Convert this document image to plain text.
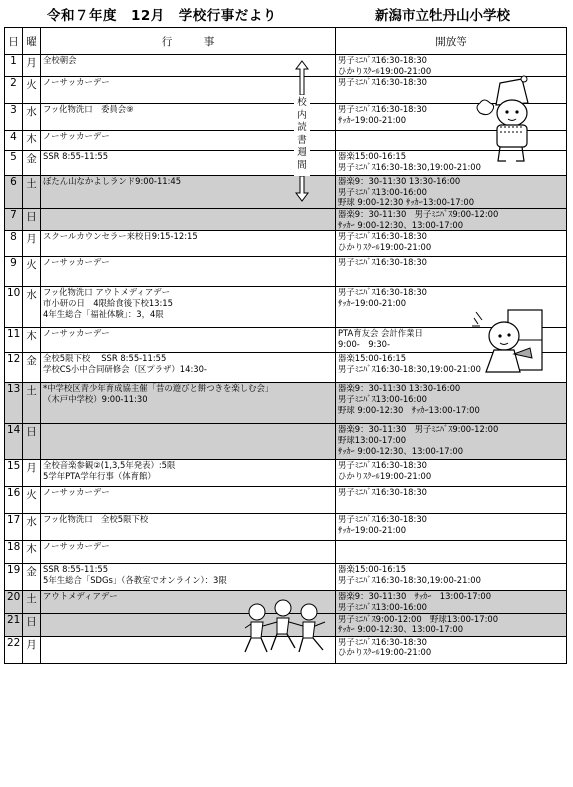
令和７年度　12月　学校行事だより	新潟市立牡丹山小学校
日	曜	行　　　事	開放等
1	月	全校朝会	男子ﾐﾆﾊﾞｽ16:30-18:30
ひかりｽｸｰﾙ19:00-21:00

2	火	ノーサッカーデー	男子ﾐﾆﾊﾞｽ16:30-18:30

3	水	フッ化物洗口　委員会⑨	男子ﾐﾆﾊﾞｽ16:30-18:30
ｻｯｶｰ19:00-21:00

4	木	ノーサッカーデー	

5	金	SSR 8:55-11:55	器楽15:00-16:15
男子ﾐﾆﾊﾞｽ16:30-18:30,19:00-21:00

6	土	ぼたん山なかよしランド9:00-11:45	器楽9：30-11:30 13:30-16:00
男子ﾐﾆﾊﾞｽ13:00-16:00
野球 9:00-12:30 ｻｯｶｰ13:00-17:00

7	日		器楽9：30-11:30　男子ﾐﾆﾊﾞｽ9:00-12:00
ｻｯｶｰ 9:00-12:30、13:00-17:00

8	月	スクールカウンセラー来校日9:15-12:15	男子ﾐﾆﾊﾞｽ16:30-18:30
ひかりｽｸｰﾙ19:00-21:00

9	火	ノーサッカーデー	男子ﾐﾆﾊﾞｽ16:30-18:30

10	水	フッ化物洗口 アウトメディアデー
市小研の日　4限給食後下校13:15
4年生総合「福祉体験」：3，4限	男子ﾐﾆﾊﾞｽ16:30-18:30
ｻｯｶｰ19:00-21:00

11	木	ノーサッカーデー	PTA育友会 会計作業日
9:00-　9:30-

12	金	全校5限下校　 SSR 8:55-11:55
学校CS小中合同研修会（区プラザ）14:30-	器楽15:00-16:15
男子ﾐﾆﾊﾞｽ16:30-18:30,19:00-21:00

13	土	*中学校区青少年育成協主催「昔の遊びと餅つきを楽しむ会」
（木戸中学校）9:00-11:30	器楽9：30-11:30 13:30-16:00
男子ﾐﾆﾊﾞｽ13:00-16:00
野球 9:00-12:30　ｻｯｶｰ13:00-17:00

14	日		器楽9：30-11:30　男子ﾐﾆﾊﾞｽ9:00-12:00
野球13:00-17:00
ｻｯｶｰ 9:00-12:30、13:00-17:00

15	月	全校音楽参観②(1,3,5年発表）:5限
5学年PTA学年行事（体育館）	男子ﾐﾆﾊﾞｽ16:30-18:30
ひかりｽｸｰﾙ19:00-21:00

16	火	ノーサッカーデー	男子ﾐﾆﾊﾞｽ16:30-18:30

17	水	フッ化物洗口　全校5限下校	男子ﾐﾆﾊﾞｽ16:30-18:30
ｻｯｶｰ19:00-21:00

18	木	ノーサッカーデー	

19	金	SSR 8:55-11:55
5年生総合「SDGs」（各教室でオンライン）：3限	器楽15:00-16:15
男子ﾐﾆﾊﾞｽ16:30-18:30,19:00-21:00

20	土	アウトメディアデー	器楽9：30-11:30　ｻｯｶｰ　13:00-17:00
男子ﾐﾆﾊﾞｽ13:00-16:00

21	日		男子ﾐﾆﾊﾞｽ9:00-12:00　野球13:00-17:00
ｻｯｶｰ 9:00-12:30、13:00-17:00

22	月		男子ﾐﾆﾊﾞｽ16:30-18:30
ひかりｽｸｰﾙ19:00-21:00
校
内
読
書
週
間
